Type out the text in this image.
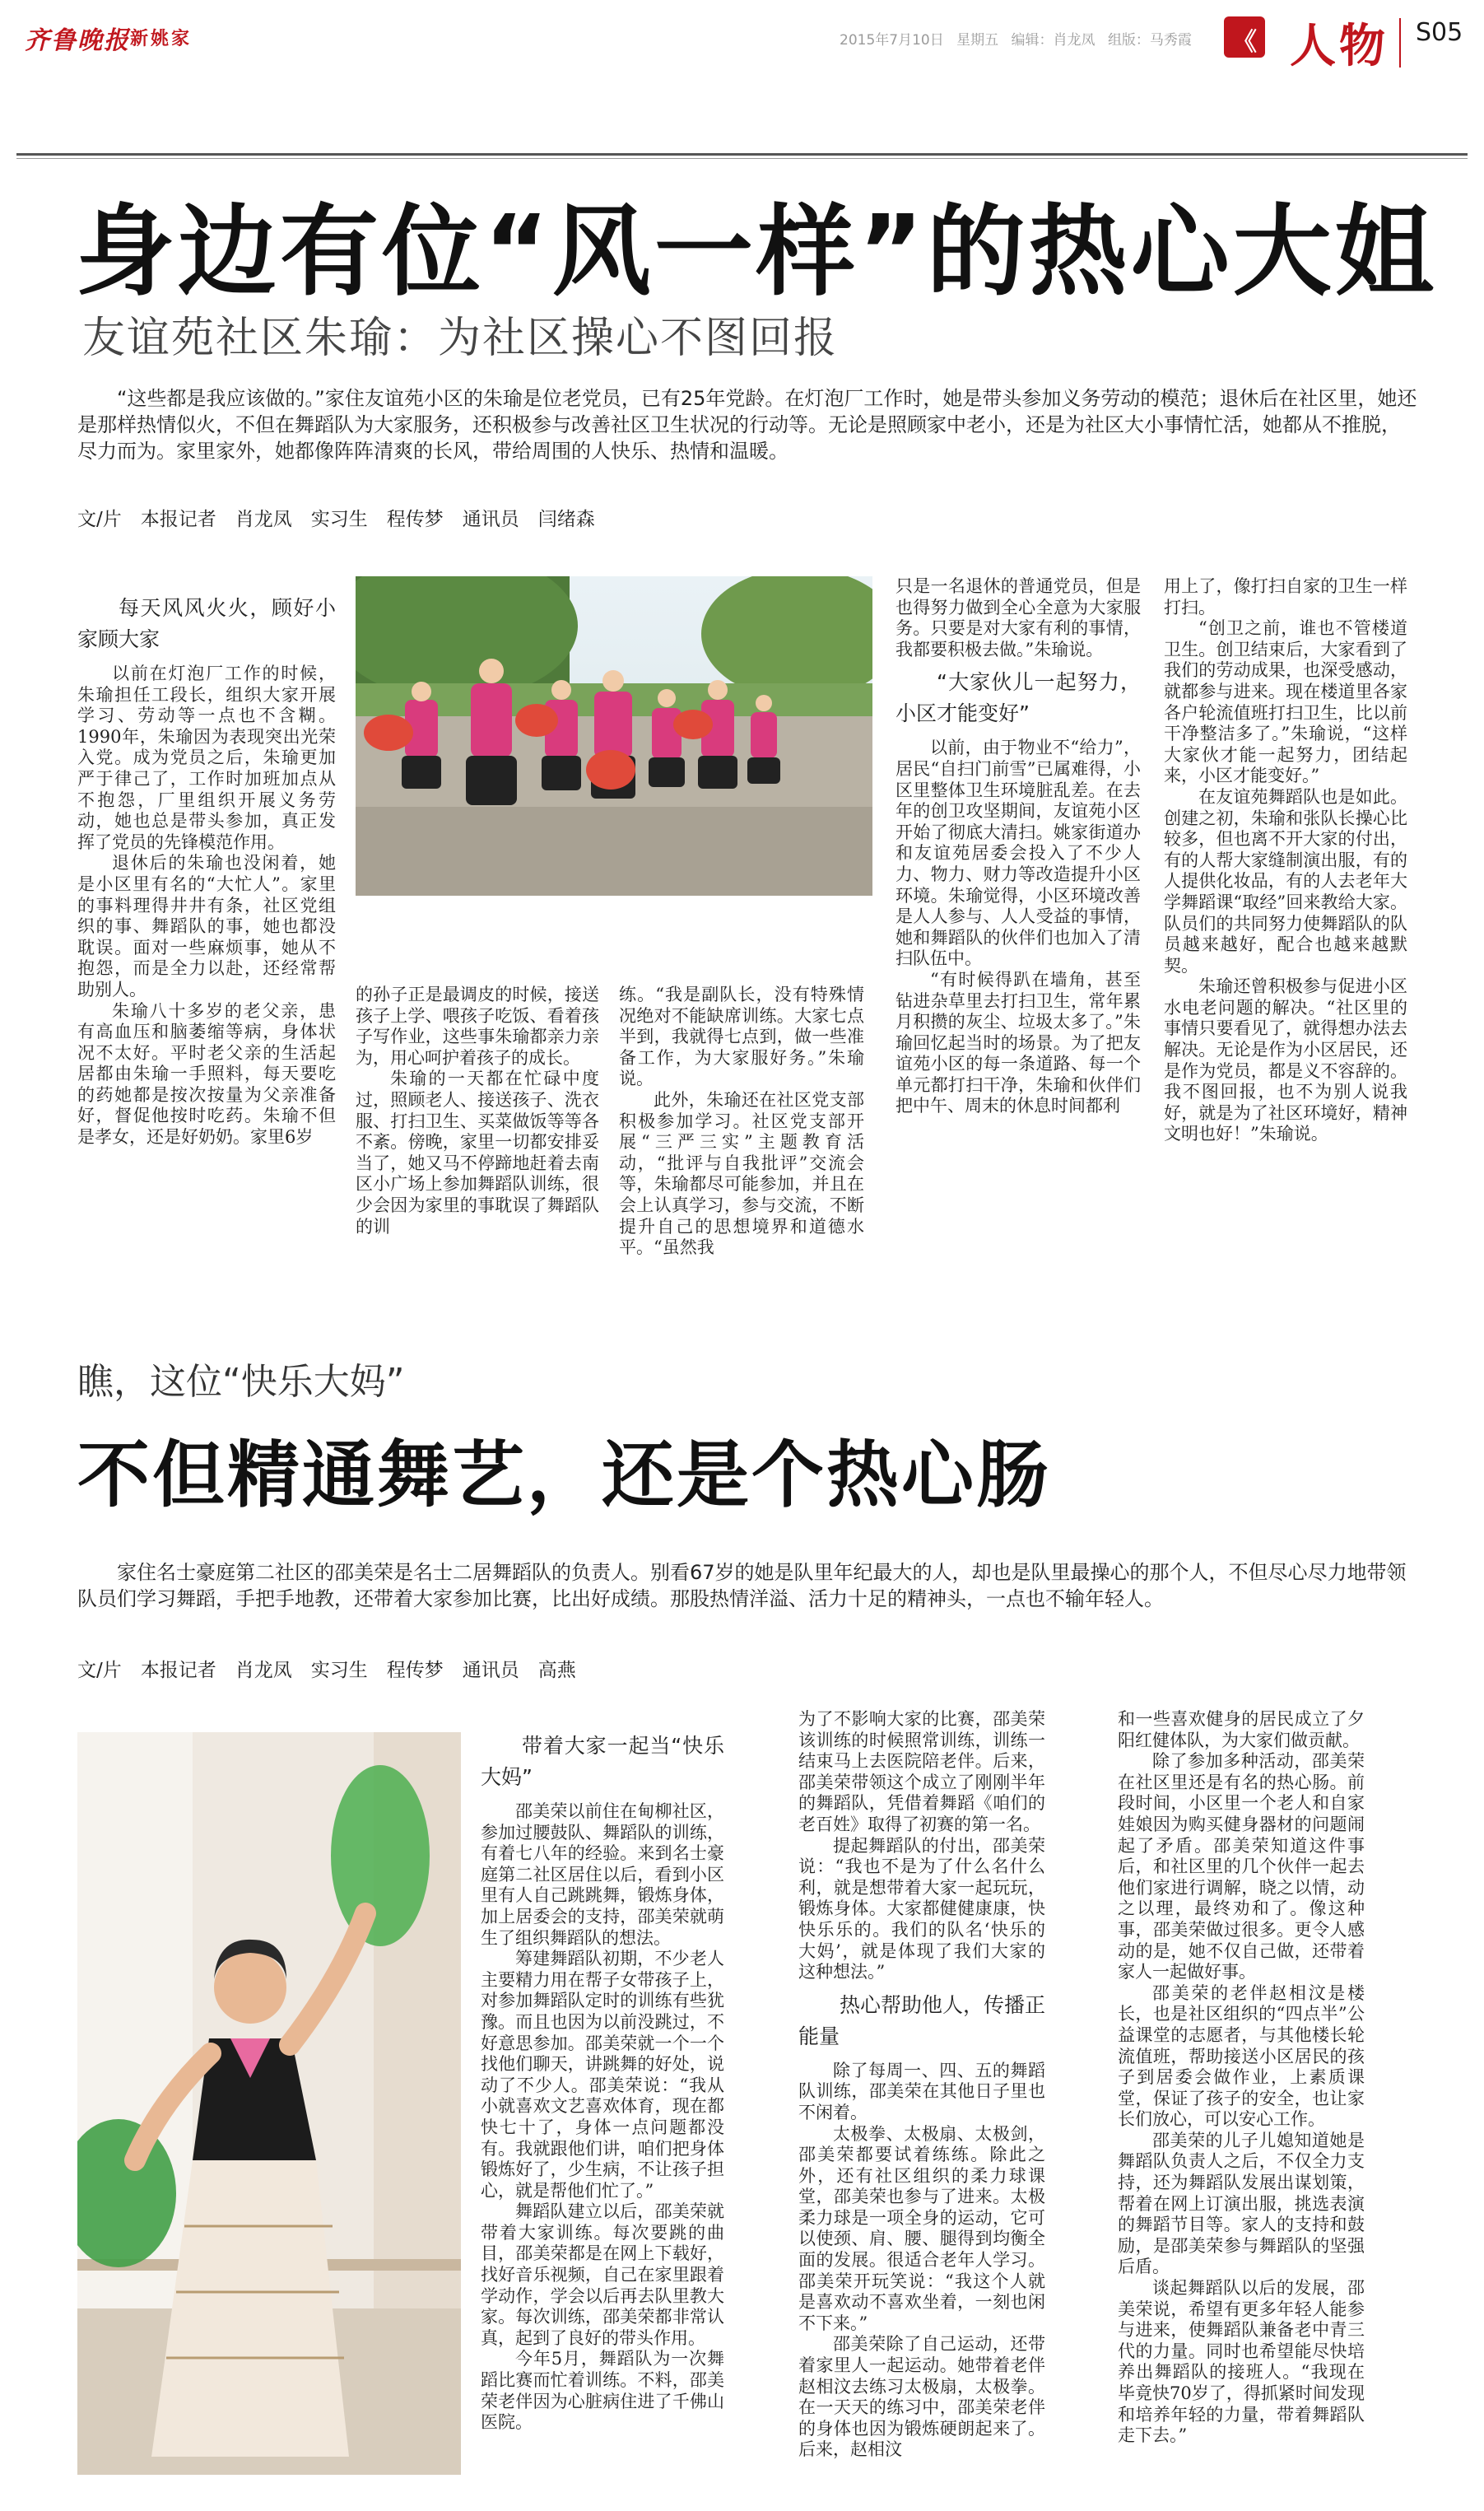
齐鲁晚报 新姚家	2015年7月10日 星期五 编辑：肖龙凤 组版：马秀霞 《 人物 S05
身边有位“风一样”的热心大姐
友谊苑社区朱瑜：为社区操心不图回报
“这些都是我应该做的。”家住友谊苑小区的朱瑜是位老党员，已有25年党龄。在灯泡厂工作时，她是带头参加义务劳动的模范；退休后在社区里，她还是那样热情似火，不但在舞蹈队为大家服务，还积极参与改善社区卫生状况的行动等。无论是照顾家中老小，还是为社区大小事情忙活，她都从不推脱，尽力而为。家里家外，她都像阵阵清爽的长风，带给周围的人快乐、热情和温暖。
文/片　本报记者　肖龙凤　实习生　程传梦　通讯员　闫绪森
每天风风火火，顾好小家顾大家

以前在灯泡厂工作的时候，朱瑜担任工段长，组织大家开展学习、劳动等一点也不含糊。1990年，朱瑜因为表现突出光荣入党。成为党员之后，朱瑜更加严于律己了，工作时加班加点从不抱怨，厂里组织开展义务劳动，她也总是带头参加，真正发挥了党员的先锋模范作用。

退休后的朱瑜也没闲着，她是小区里有名的“大忙人”。家里的事料理得井井有条，社区党组织的事、舞蹈队的事，她也都没耽误。面对一些麻烦事，她从不抱怨，而是全力以赴，还经常帮助别人。

朱瑜八十多岁的老父亲，患有高血压和脑萎缩等病，身体状况不太好。平时老父亲的生活起居都由朱瑜一手照料，每天要吃的药她都是按次按量为父亲准备好，督促他按时吃药。朱瑜不但是孝女，还是好奶奶。家里6岁

的孙子正是最调皮的时候，接送孩子上学、喂孩子吃饭、看着孩子写作业，这些事朱瑜都亲力亲为，用心呵护着孩子的成长。

朱瑜的一天都在忙碌中度过，照顾老人、接送孩子、洗衣服、打扫卫生、买菜做饭等等各不紊。傍晚，家里一切都安排妥当了，她又马不停蹄地赶着去南区小广场上参加舞蹈队训练，很少会因为家里的事耽误了舞蹈队的训

练。“我是副队长，没有特殊情况绝对不能缺席训练。大家七点半到，我就得七点到，做一些准备工作，为大家服好务。”朱瑜说。

此外，朱瑜还在社区党支部积极参加学习。社区党支部开展“三严三实”主题教育活动，“批评与自我批评”交流会等，朱瑜都尽可能参加，并且在会上认真学习，参与交流，不断提升自己的思想境界和道德水平。“虽然我

只是一名退休的普通党员，但是也得努力做到全心全意为大家服务。只要是对大家有利的事情，我都要积极去做。”朱瑜说。

“大家伙儿一起努力，小区才能变好”

以前，由于物业不“给力”，居民“自扫门前雪”已属难得，小区里整体卫生环境脏乱差。在去年的创卫攻坚期间，友谊苑小区开始了彻底大清扫。姚家街道办和友谊苑居委会投入了不少人力、物力、财力等改造提升小区环境。朱瑜觉得，小区环境改善是人人参与、人人受益的事情，她和舞蹈队的伙伴们也加入了清扫队伍中。

“有时候得趴在墙角，甚至钻进杂草里去打扫卫生，常年累月积攒的灰尘、垃圾太多了。”朱瑜回忆起当时的场景。为了把友谊苑小区的每一条道路、每一个单元都打扫干净，朱瑜和伙伴们把中午、周末的休息时间都利

用上了，像打扫自家的卫生一样打扫。

“创卫之前，谁也不管楼道卫生。创卫结束后，大家看到了我们的劳动成果，也深受感动，就都参与进来。现在楼道里各家各户轮流值班打扫卫生，比以前干净整洁多了。”朱瑜说，“这样大家伙才能一起努力，团结起来，小区才能变好。”

在友谊苑舞蹈队也是如此。创建之初，朱瑜和张队长操心比较多，但也离不开大家的付出，有的人帮大家缝制演出服，有的人提供化妆品，有的人去老年大学舞蹈课“取经”回来教给大家。队员们的共同努力使舞蹈队的队员越来越好，配合也越来越默契。

朱瑜还曾积极参与促进小区水电老问题的解决。“社区里的事情只要看见了，就得想办法去解决。无论是作为小区居民，还是作为党员，都是义不容辞的。我不图回报，也不为别人说我好，就是为了社区环境好，精神文明也好！”朱瑜说。

瞧，这位“快乐大妈”
不但精通舞艺，还是个热心肠
家住名士豪庭第二社区的邵美荣是名士二居舞蹈队的负责人。别看67岁的她是队里年纪最大的人，却也是队里最操心的那个人，不但尽心尽力地带领队员们学习舞蹈，手把手地教，还带着大家参加比赛，比出好成绩。那股热情洋溢、活力十足的精神头，一点也不输年轻人。
文/片　本报记者　肖龙凤　实习生　程传梦　通讯员　高燕
带着大家一起当“快乐大妈”

邵美荣以前住在甸柳社区，参加过腰鼓队、舞蹈队的训练，有着七八年的经验。来到名士豪庭第二社区居住以后，看到小区里有人自己跳跳舞，锻炼身体，加上居委会的支持，邵美荣就萌生了组织舞蹈队的想法。

筹建舞蹈队初期，不少老人主要精力用在帮子女带孩子上，对参加舞蹈队定时的训练有些犹豫。而且也因为以前没跳过，不好意思参加。邵美荣就一个一个找他们聊天，讲跳舞的好处，说动了不少人。邵美荣说：“我从小就喜欢文艺喜欢体育，现在都快七十了，身体一点问题都没有。我就跟他们讲，咱们把身体锻炼好了，少生病，不让孩子担心，就是帮他们忙了。”

舞蹈队建立以后，邵美荣就带着大家训练。每次要跳的曲目，邵美荣都是在网上下载好，找好音乐视频，自己在家里跟着学动作，学会以后再去队里教大家。每次训练，邵美荣都非常认真，起到了良好的带头作用。

今年5月，舞蹈队为一次舞蹈比赛而忙着训练。不料，邵美荣老伴因为心脏病住进了千佛山医院。

为了不影响大家的比赛，邵美荣该训练的时候照常训练，训练一结束马上去医院陪老伴。后来，邵美荣带领这个成立了刚刚半年的舞蹈队，凭借着舞蹈《咱们的老百姓》取得了初赛的第一名。

提起舞蹈队的付出，邵美荣说：“我也不是为了什么名什么利，就是想带着大家一起玩玩，锻炼身体。大家都健健康康，快快乐乐的。我们的队名‘快乐的大妈’，就是体现了我们大家的这种想法。”

热心帮助他人，传播正能量

除了每周一、四、五的舞蹈队训练，邵美荣在其他日子里也不闲着。

太极拳、太极扇、太极剑，邵美荣都要试着练练。除此之外，还有社区组织的柔力球课堂，邵美荣也参与了进来。太极柔力球是一项全身的运动，它可以使颈、肩、腰、腿得到均衡全面的发展。很适合老年人学习。邵美荣开玩笑说：“我这个人就是喜欢动不喜欢坐着，一刻也闲不下来。”

邵美荣除了自己运动，还带着家里人一起运动。她带着老伴赵相汶去练习太极扇，太极拳。在一天天的练习中，邵美荣老伴的身体也因为锻炼硬朗起来了。后来，赵相汶

和一些喜欢健身的居民成立了夕阳红健体队，为大家们做贡献。

除了参加多种活动，邵美荣在社区里还是有名的热心肠。前段时间，小区里一个老人和自家娃娘因为购买健身器材的问题闹起了矛盾。邵美荣知道这件事后，和社区里的几个伙伴一起去他们家进行调解，晓之以情，动之以理，最终劝和了。像这种事，邵美荣做过很多。更令人感动的是，她不仅自己做，还带着家人一起做好事。

邵美荣的老伴赵相汶是楼长，也是社区组织的“四点半”公益课堂的志愿者，与其他楼长轮流值班，帮助接送小区居民的孩子到居委会做作业，上素质课堂，保证了孩子的安全，也让家长们放心，可以安心工作。

邵美荣的儿子儿媳知道她是舞蹈队负责人之后，不仅全力支持，还为舞蹈队发展出谋划策，帮着在网上订演出服，挑选表演的舞蹈节目等。家人的支持和鼓励，是邵美荣参与舞蹈队的坚强后盾。

谈起舞蹈队以后的发展，邵美荣说，希望有更多年轻人能参与进来，使舞蹈队兼备老中青三代的力量。同时也希望能尽快培养出舞蹈队的接班人。“我现在毕竟快70岁了，得抓紧时间发现和培养年轻的力量，带着舞蹈队走下去。”
